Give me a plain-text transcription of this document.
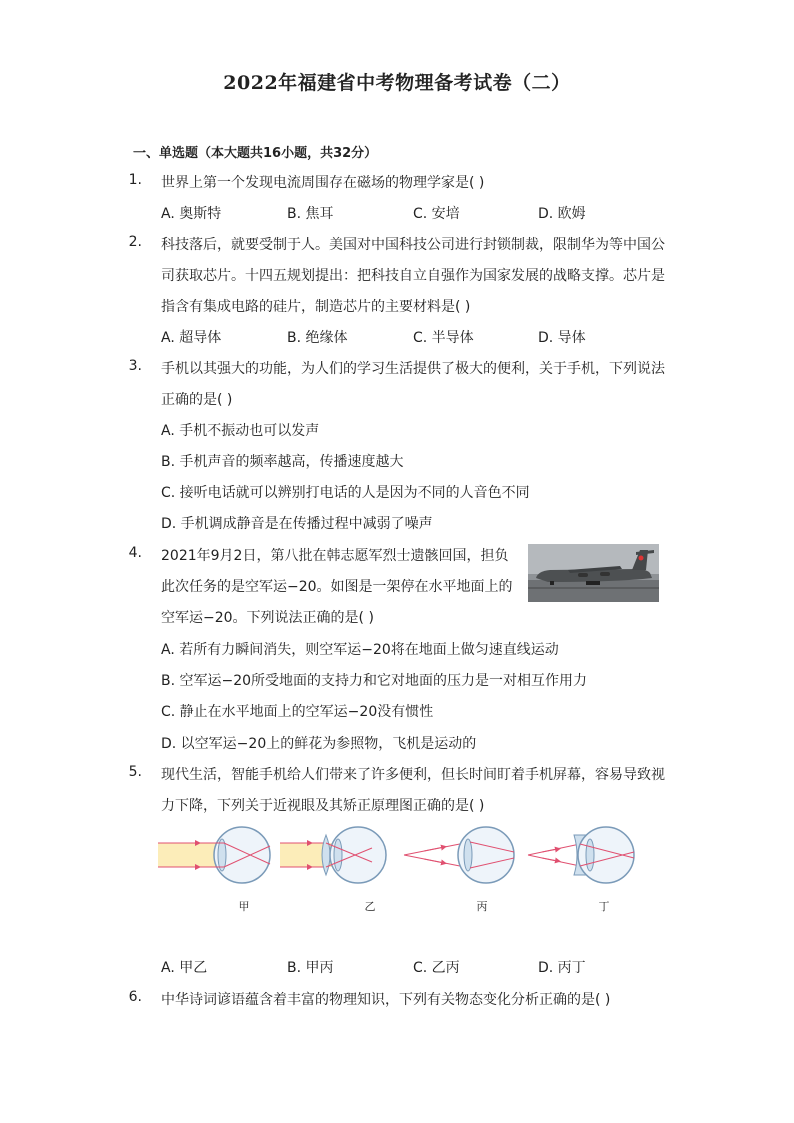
2022年福建省中考物理备考试卷（二）
一、单选题（本大题共16小题，共32分）
1. 世界上第一个发现电流周围存在磁场的物理学家是( )
A. 奥斯特	B. 焦耳	C. 安培	D. 欧姆
2. 科技落后，就要受制于人。美国对中国科技公司进行封锁制裁，限制华为等中国公
司获取芯片。十四五规划提出：把科技自立自强作为国家发展的战略支撑。芯片是
指含有集成电路的硅片，制造芯片的主要材料是( )
A. 超导体	B. 绝缘体	C. 半导体	D. 导体
3. 手机以其强大的功能，为人们的学习生活提供了极大的便利，关于手机，下列说法
正确的是( )
A. 手机不振动也可以发声
B. 手机声音的频率越高，传播速度越大
C. 接听电话就可以辨别打电话的人是因为不同的人音色不同
D. 手机调成静音是在传播过程中减弱了噪声
4. 2021年9月2日，第八批在韩志愿军烈士遗骸回国，担负
此次任务的是空军运−20。如图是一架停在水平地面上的
空军运−20。下列说法正确的是( )
A. 若所有力瞬间消失，则空军运−20将在地面上做匀速直线运动
B. 空军运−20所受地面的支持力和它对地面的压力是一对相互作用力
C. 静止在水平地面上的空军运−20没有惯性
D. 以空军运−20上的鲜花为参照物，飞机是运动的
5. 现代生活，智能手机给人们带来了许多便利，但长时间盯着手机屏幕，容易导致视
力下降，下列关于近视眼及其矫正原理图正确的是( )
甲	乙	丙	丁
A. 甲乙	B. 甲丙	C. 乙丙	D. 丙丁
6. 中华诗词谚语蕴含着丰富的物理知识，下列有关物态变化分析正确的是( )
